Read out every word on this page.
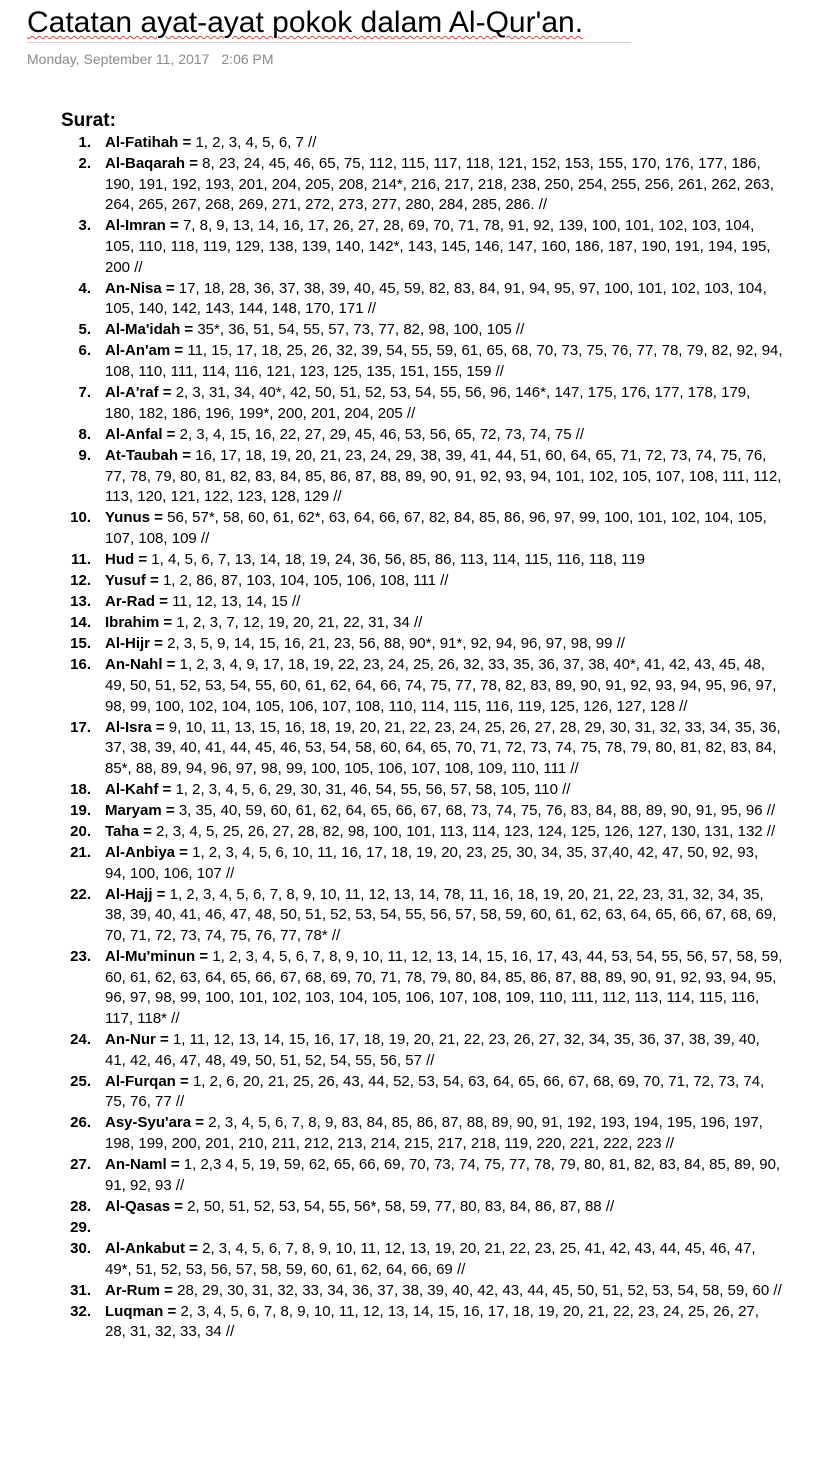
Catatan ayat-ayat pokok dalam Al-Qur'an.
Monday, September 11, 2017 2:06 PM
Surat:
1. Al-Fatihah = 1, 2, 3, 4, 5, 6, 7 //
2. Al-Baqarah = 8, 23, 24, 45, 46, 65, 75, 112, 115, 117, 118, 121, 152, 153, 155, 170, 176, 177, 186, 190, 191, 192, 193, 201, 204, 205, 208, 214*, 216, 217, 218, 238, 250, 254, 255, 256, 261, 262, 263, 264, 265, 267, 268, 269, 271, 272, 273, 277, 280, 284, 285, 286. //
3. Al-Imran = 7, 8, 9, 13, 14, 16, 17, 26, 27, 28, 69, 70, 71, 78, 91, 92, 139, 100, 101, 102, 103, 104, 105, 110, 118, 119, 129, 138, 139, 140, 142*, 143, 145, 146, 147, 160, 186, 187, 190, 191, 194, 195, 200 //
4. An-Nisa = 17, 18, 28, 36, 37, 38, 39, 40, 45, 59, 82, 83, 84, 91, 94, 95, 97, 100, 101, 102, 103, 104, 105, 140, 142, 143, 144, 148, 170, 171 //
5. Al-Ma'idah = 35*, 36, 51, 54, 55, 57, 73, 77, 82, 98, 100, 105 //
6. Al-An'am = 11, 15, 17, 18, 25, 26, 32, 39, 54, 55, 59, 61, 65, 68, 70, 73, 75, 76, 77, 78, 79, 82, 92, 94, 108, 110, 111, 114, 116, 121, 123, 125, 135, 151, 155, 159 //
7. Al-A'raf = 2, 3, 31, 34, 40*, 42, 50, 51, 52, 53, 54, 55, 56, 96, 146*, 147, 175, 176, 177, 178, 179, 180, 182, 186, 196, 199*, 200, 201, 204, 205 //
8. Al-Anfal = 2, 3, 4, 15, 16, 22, 27, 29, 45, 46, 53, 56, 65, 72, 73, 74, 75 //
9. At-Taubah = 16, 17, 18, 19, 20, 21, 23, 24, 29, 38, 39, 41, 44, 51, 60, 64, 65, 71, 72, 73, 74, 75, 76, 77, 78, 79, 80, 81, 82, 83, 84, 85, 86, 87, 88, 89, 90, 91, 92, 93, 94, 101, 102, 105, 107, 108, 111, 112, 113, 120, 121, 122, 123, 128, 129 //
10. Yunus = 56, 57*, 58, 60, 61, 62*, 63, 64, 66, 67, 82, 84, 85, 86, 96, 97, 99, 100, 101, 102, 104, 105, 107, 108, 109 //
11. Hud = 1, 4, 5, 6, 7, 13, 14, 18, 19, 24, 36, 56, 85, 86, 113, 114, 115, 116, 118, 119
12. Yusuf = 1, 2, 86, 87, 103, 104, 105, 106, 108, 111 //
13. Ar-Rad = 11, 12, 13, 14, 15 //
14. Ibrahim = 1, 2, 3, 7, 12, 19, 20, 21, 22, 31, 34 //
15. Al-Hijr = 2, 3, 5, 9, 14, 15, 16, 21, 23, 56, 88, 90*, 91*, 92, 94, 96, 97, 98, 99 //
16. An-Nahl = 1, 2, 3, 4, 9, 17, 18, 19, 22, 23, 24, 25, 26, 32, 33, 35, 36, 37, 38, 40*, 41, 42, 43, 45, 48, 49, 50, 51, 52, 53, 54, 55, 60, 61, 62, 64, 66, 74, 75, 77, 78, 82, 83, 89, 90, 91, 92, 93, 94, 95, 96, 97, 98, 99, 100, 102, 104, 105, 106, 107, 108, 110, 114, 115, 116, 119, 125, 126, 127, 128 //
17. Al-Isra = 9, 10, 11, 13, 15, 16, 18, 19, 20, 21, 22, 23, 24, 25, 26, 27, 28, 29, 30, 31, 32, 33, 34, 35, 36, 37, 38, 39, 40, 41, 44, 45, 46, 53, 54, 58, 60, 64, 65, 70, 71, 72, 73, 74, 75, 78, 79, 80, 81, 82, 83, 84, 85*, 88, 89, 94, 96, 97, 98, 99, 100, 105, 106, 107, 108, 109, 110, 111 //
18. Al-Kahf = 1, 2, 3, 4, 5, 6, 29, 30, 31, 46, 54, 55, 56, 57, 58, 105, 110 //
19. Maryam = 3, 35, 40, 59, 60, 61, 62, 64, 65, 66, 67, 68, 73, 74, 75, 76, 83, 84, 88, 89, 90, 91, 95, 96 //
20. Taha = 2, 3, 4, 5, 25, 26, 27, 28, 82, 98, 100, 101, 113, 114, 123, 124, 125, 126, 127, 130, 131, 132 //
21. Al-Anbiya = 1, 2, 3, 4, 5, 6, 10, 11, 16, 17, 18, 19, 20, 23, 25, 30, 34, 35, 37,40, 42, 47, 50, 92, 93, 94, 100, 106, 107 //
22. Al-Hajj = 1, 2, 3, 4, 5, 6, 7, 8, 9, 10, 11, 12, 13, 14, 78, 11, 16, 18, 19, 20, 21, 22, 23, 31, 32, 34, 35, 38, 39, 40, 41, 46, 47, 48, 50, 51, 52, 53, 54, 55, 56, 57, 58, 59, 60, 61, 62, 63, 64, 65, 66, 67, 68, 69, 70, 71, 72, 73, 74, 75, 76, 77, 78* //
23. Al-Mu'minun = 1, 2, 3, 4, 5, 6, 7, 8, 9, 10, 11, 12, 13, 14, 15, 16, 17, 43, 44, 53, 54, 55, 56, 57, 58, 59, 60, 61, 62, 63, 64, 65, 66, 67, 68, 69, 70, 71, 78, 79, 80, 84, 85, 86, 87, 88, 89, 90, 91, 92, 93, 94, 95, 96, 97, 98, 99, 100, 101, 102, 103, 104, 105, 106, 107, 108, 109, 110, 111, 112, 113, 114, 115, 116, 117, 118* //
24. An-Nur = 1, 11, 12, 13, 14, 15, 16, 17, 18, 19, 20, 21, 22, 23, 26, 27, 32, 34, 35, 36, 37, 38, 39, 40, 41, 42, 46, 47, 48, 49, 50, 51, 52, 54, 55, 56, 57 //
25. Al-Furqan = 1, 2, 6, 20, 21, 25, 26, 43, 44, 52, 53, 54, 63, 64, 65, 66, 67, 68, 69, 70, 71, 72, 73, 74, 75, 76, 77 //
26. Asy-Syu'ara = 2, 3, 4, 5, 6, 7, 8, 9, 83, 84, 85, 86, 87, 88, 89, 90, 91, 192, 193, 194, 195, 196, 197, 198, 199, 200, 201, 210, 211, 212, 213, 214, 215, 217, 218, 119, 220, 221, 222, 223 //
27. An-Naml = 1, 2,3 4, 5, 19, 59, 62, 65, 66, 69, 70, 73, 74, 75, 77, 78, 79, 80, 81, 82, 83, 84, 85, 89, 90, 91, 92, 93 //
28. Al-Qasas = 2, 50, 51, 52, 53, 54, 55, 56*, 58, 59, 77, 80, 83, 84, 86, 87, 88 //
29.

30. Al-Ankabut = 2, 3, 4, 5, 6, 7, 8, 9, 10, 11, 12, 13, 19, 20, 21, 22, 23, 25, 41, 42, 43, 44, 45, 46, 47, 49*, 51, 52, 53, 56, 57, 58, 59, 60, 61, 62, 64, 66, 69 //
31. Ar-Rum = 28, 29, 30, 31, 32, 33, 34, 36, 37, 38, 39, 40, 42, 43, 44, 45, 50, 51, 52, 53, 54, 58, 59, 60 //
32. Luqman = 2, 3, 4, 5, 6, 7, 8, 9, 10, 11, 12, 13, 14, 15, 16, 17, 18, 19, 20, 21, 22, 23, 24, 25, 26, 27, 28, 31, 32, 33, 34 //
